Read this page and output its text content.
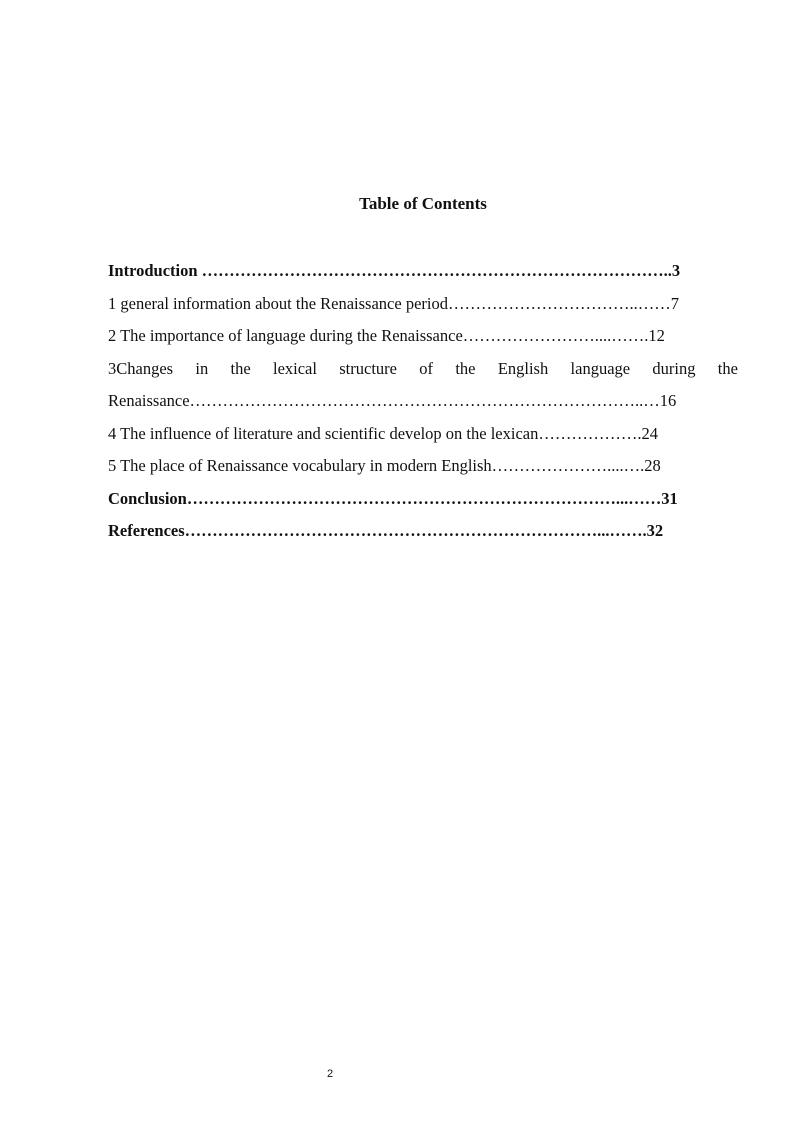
Table of Contents
Introduction …………………………………………………………………………..3
1 general information about the Renaissance period……………………………..……7
2 The importance of language during the Renaissance……………………....…….12
3Changes in the lexical structure of the English language during the
Renaissance………………………………………………………………………..…16
4 The influence of literature and scientific develop on the lexican……………….24
5 The place of Renaissance vocabulary in modern English…………………....….28
Conclusion……………………………………………………………………...……31
References…………………………………………………………………...…….32
2
